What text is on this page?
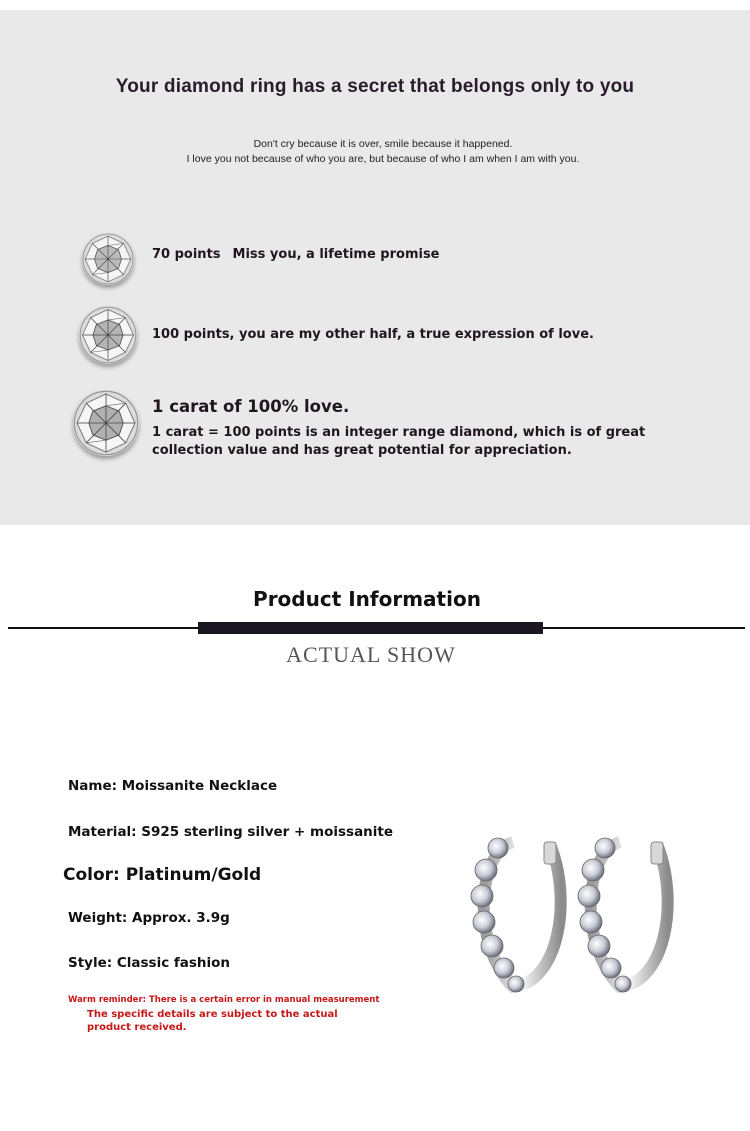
Your diamond ring has a secret that belongs only to you
Don't cry because it is over, smile because it happened.
I love you not because of who you are, but because of who I am when I am with you.
70 points Miss you, a lifetime promise
100 points, you are my other half, a true expression of love.
1 carat of 100% love.
1 carat = 100 points is an integer range diamond, which is of great collection value and has great potential for appreciation.
Product Information
ACTUAL SHOW
Name: Moissanite Necklace
Material: S925 sterling silver + moissanite
Color: Platinum/Gold
Weight: Approx. 3.9g
Style: Classic fashion
Warm reminder: There is a certain error in manual measurement
The specific details are subject to the actual product received.
